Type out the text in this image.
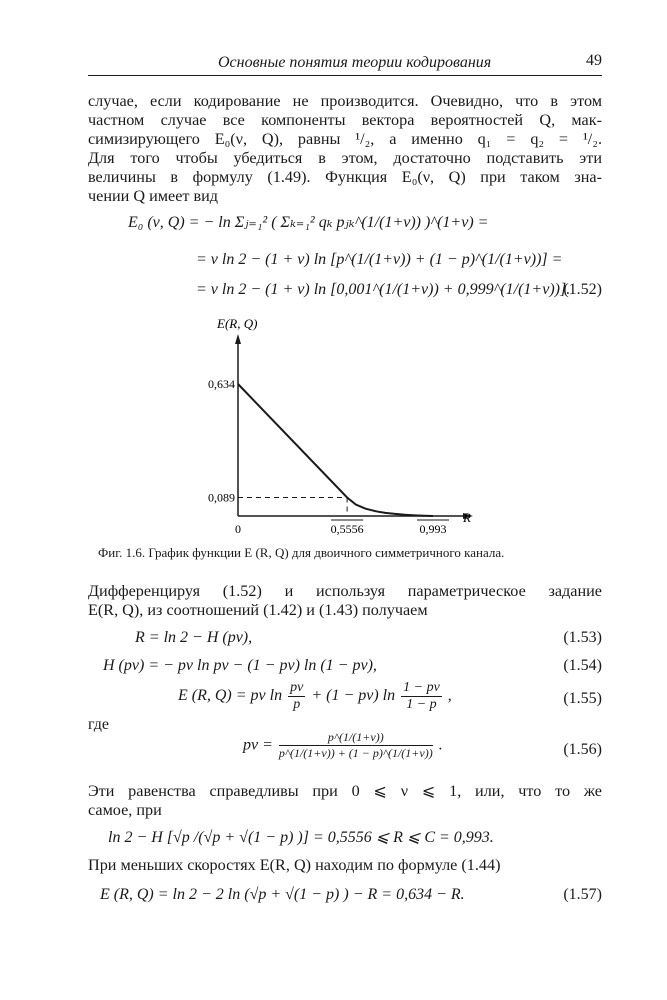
Основные понятия теории кодирования	49
случае, если кодирование не производится. Очевидно, что в этом
частном случае все компоненты вектора вероятностей Q, мак-
симизирующего E₀(ν, Q), равны ¹/₂, а именно q₁ = q₂ = ¹/₂.
Для того чтобы убедиться в этом, достаточно подставить эти
величины в формулу (1.49). Функция E₀(ν, Q) при таком зна-
чении Q имеет вид
E₀ (ν, Q) = − ln Σⱼ₌₁² ( Σₖ₌₁² qₖ pⱼₖ^(1/(1+ν)) )^(1+ν) =
= ν ln 2 − (1 + ν) ln [p^(1/(1+ν)) + (1 − p)^(1/(1+ν))] =
= ν ln 2 − (1 + ν) ln [0,001^(1/(1+ν)) + 0,999^(1/(1+ν))].
(1.52)
E(R, Q)
R
0,634
0,089
0	0,5556	0,993
Фиг. 1.6. График функции E (R, Q) для двоичного симметричного канала.
Дифференцируя (1.52) и используя параметрическое задание
E(R, Q), из соотношений (1.42) и (1.43) получаем
R = ln 2 − H (pν),	(1.53)
H (pν) = − pν ln pν − (1 − pν) ln (1 − pν),	(1.54)
E (R, Q) = pν $\ln \frac{p\nu}{p} + (1 - p\nu)$ $\ln \frac{1 - p\nu}{1 - p}$ ,	(1.55)
где
$p\nu = \frac{p\^{}(1/(1+\nu))}{p\^{}(1/(1+\nu)) + (1 - p)\^{}(1/(1+\nu))}$ .	(1.56)
Эти равенства справедливы при 0 ⩽ ν ⩽ 1, или, что то же
самое, при
ln 2 − H [√p /(√p + √(1 − p) )] = 0,5556 ⩽ R ⩽ C = 0,993.
При меньших скоростях E(R, Q) находим по формуле (1.44)
E (R, Q) = ln 2 − 2 ln (√p + √(1 − p) ) − R = 0,634 − R.	(1.57)
